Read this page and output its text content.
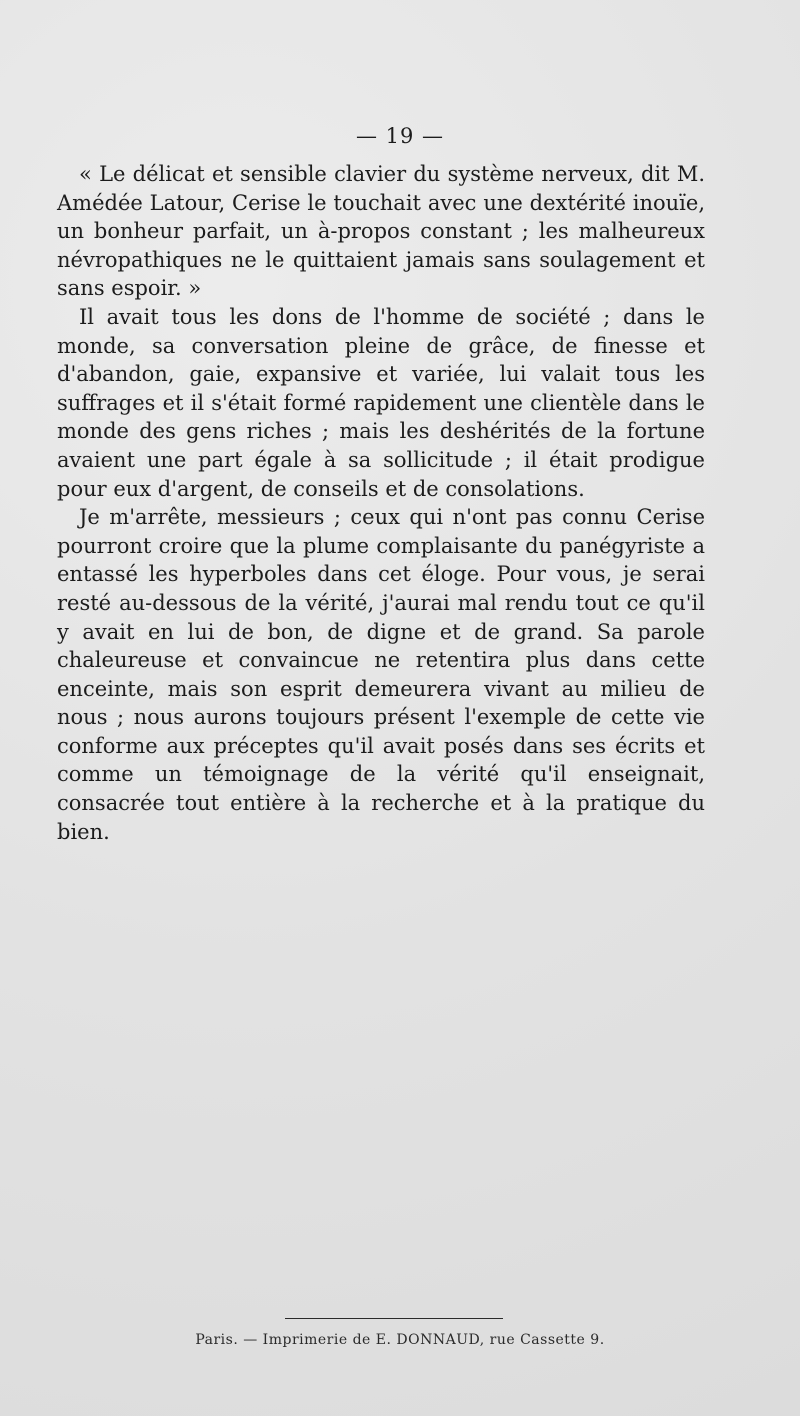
— 19 —

« Le délicat et sensible clavier du système nerveux, dit M. Amédée Latour, Cerise le touchait avec une dextérité inouïe, un bonheur parfait, un à-propos constant ; les malheureux névropathiques ne le quittaient jamais sans soulagement et sans espoir. »

Il avait tous les dons de l'homme de société ; dans le monde, sa conversation pleine de grâce, de finesse et d'abandon, gaie, expansive et variée, lui valait tous les suffrages et il s'était formé rapidement une clientèle dans le monde des gens riches ; mais les deshérités de la fortune avaient une part égale à sa sollicitude ; il était prodigue pour eux d'argent, de conseils et de consolations.

Je m'arrête, messieurs ; ceux qui n'ont pas connu Cerise pourront croire que la plume complaisante du panégyriste a entassé les hyperboles dans cet éloge. Pour vous, je serai resté au-dessous de la vérité, j'aurai mal rendu tout ce qu'il y avait en lui de bon, de digne et de grand. Sa parole chaleureuse et convaincue ne retentira plus dans cette enceinte, mais son esprit demeurera vivant au milieu de nous ; nous aurons toujours présent l'exemple de cette vie conforme aux préceptes qu'il avait posés dans ses écrits et comme un témoignage de la vérité qu'il enseignait, consacrée tout entière à la recherche et à la pratique du bien.

Paris. — Imprimerie de E. DONNAUD, rue Cassette 9.
